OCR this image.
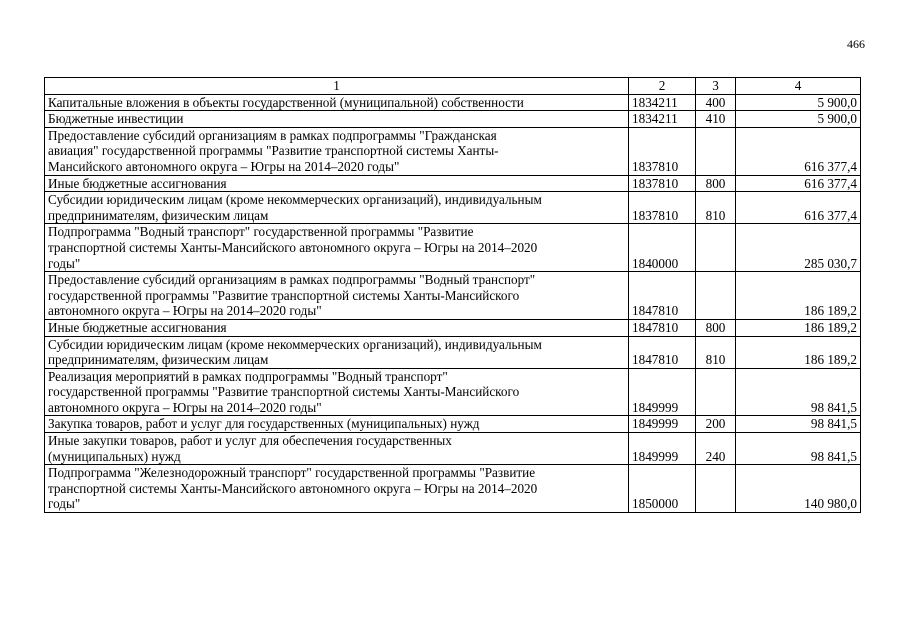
466
1	2	3	4
Капитальные вложения в объекты государственной (муниципальной) собственности	1834211	400	5 900,0
Бюджетные инвестиции	1834211	410	5 900,0
Предоставление субсидий организациям в рамках подпрограммы "Гражданская
авиация" государственной программы "Развитие транспортной системы Ханты-
Мансийского автономного округа – Югры на 2014–2020 годы"	1837810		616 377,4
Иные бюджетные ассигнования	1837810	800	616 377,4
Субсидии юридическим лицам (кроме некоммерческих организаций), индивидуальным
предпринимателям, физическим лицам	1837810	810	616 377,4
Подпрограмма "Водный транспорт" государственной программы "Развитие
транспортной системы Ханты-Мансийского автономного округа – Югры на 2014–2020
годы"	1840000		285 030,7
Предоставление субсидий организациям в рамках подпрограммы "Водный транспорт"
государственной программы "Развитие транспортной системы Ханты-Мансийского
автономного округа – Югры на 2014–2020 годы"	1847810		186 189,2
Иные бюджетные ассигнования	1847810	800	186 189,2
Субсидии юридическим лицам (кроме некоммерческих организаций), индивидуальным
предпринимателям, физическим лицам	1847810	810	186 189,2
Реализация мероприятий в рамках подпрограммы "Водный транспорт"
государственной программы "Развитие транспортной системы Ханты-Мансийского
автономного округа – Югры на 2014–2020 годы"	1849999		98 841,5
Закупка товаров, работ и услуг для государственных (муниципальных) нужд	1849999	200	98 841,5
Иные закупки товаров, работ и услуг для обеспечения государственных
(муниципальных) нужд	1849999	240	98 841,5
Подпрограмма "Железнодорожный транспорт" государственной программы "Развитие
транспортной системы Ханты-Мансийского автономного округа – Югры на 2014–2020
годы"	1850000		140 980,0
